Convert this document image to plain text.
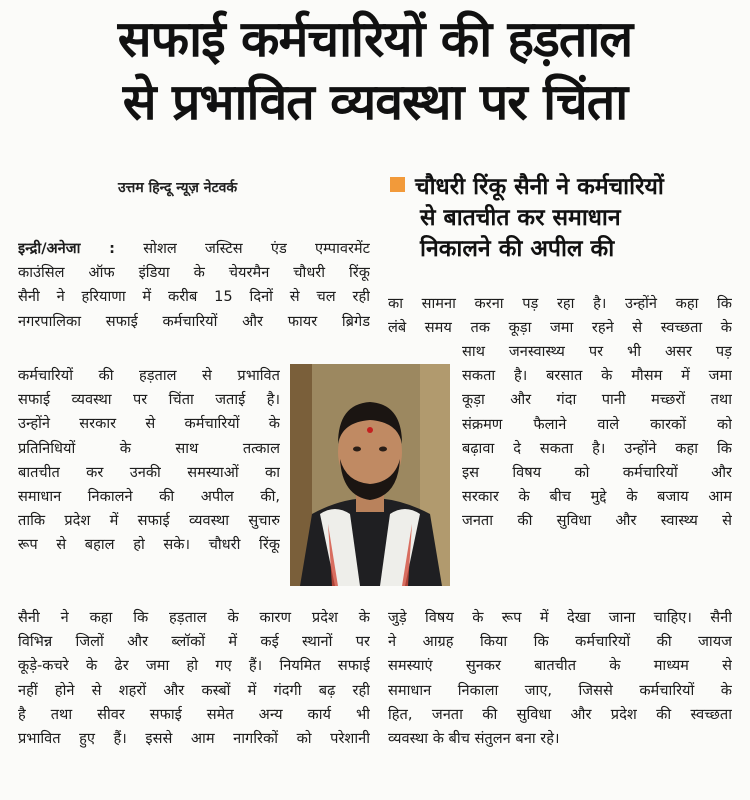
सफाई कर्मचारियों की हड़ताल
से प्रभावित व्यवस्था पर चिंता
उत्तम हिन्दू न्यूज़ नेटवर्क	चौधरी रिंकू सैनी ने कर्मचारियों
से बातचीत कर समाधान
निकालने की अपील की
इन्द्री/अनेजा : सोशल जस्टिस एंड एम्पावरमेंट
काउंसिल ऑफ इंडिया के चेयरमैन चौधरी रिंकू
सैनी ने हरियाणा में करीब 15 दिनों से चल रही
नगरपालिका सफाई कर्मचारियों और फायर ब्रिगेड
कर्मचारियों की हड़ताल से प्रभावित
सफाई व्यवस्था पर चिंता जताई है।
उन्होंने सरकार से कर्मचारियों के
प्रतिनिधियों के साथ तत्काल
बातचीत कर उनकी समस्याओं का
समाधान निकालने की अपील की,
ताकि प्रदेश में सफाई व्यवस्था सुचारु
रूप से बहाल हो सके। चौधरी रिंकू
सैनी ने कहा कि हड़ताल के कारण प्रदेश के
विभिन्न जिलों और ब्लॉकों में कई स्थानों पर
कूड़े-कचरे के ढेर जमा हो गए हैं। नियमित सफाई
नहीं होने से शहरों और कस्बों में गंदगी बढ़ रही
है तथा सीवर सफाई समेत अन्य कार्य भी
प्रभावित हुए हैं। इससे आम नागरिकों को परेशानी
का सामना करना पड़ रहा है। उन्होंने कहा कि
लंबे समय तक कूड़ा जमा रहने से स्वच्छता के
साथ जनस्वास्थ्य पर भी असर पड़
सकता है। बरसात के मौसम में जमा
कूड़ा और गंदा पानी मच्छरों तथा
संक्रमण फैलाने वाले कारकों को
बढ़ावा दे सकता है। उन्होंने कहा कि
इस विषय को कर्मचारियों और
सरकार के बीच मुद्दे के बजाय आम
जनता की सुविधा और स्वास्थ्य से
जुड़े विषय के रूप में देखा जाना चाहिए। सैनी
ने आग्रह किया कि कर्मचारियों की जायज
समस्याएं सुनकर बातचीत के माध्यम से
समाधान निकाला जाए, जिससे कर्मचारियों के
हित, जनता की सुविधा और प्रदेश की स्वच्छता
व्यवस्था के बीच संतुलन बना रहे।
